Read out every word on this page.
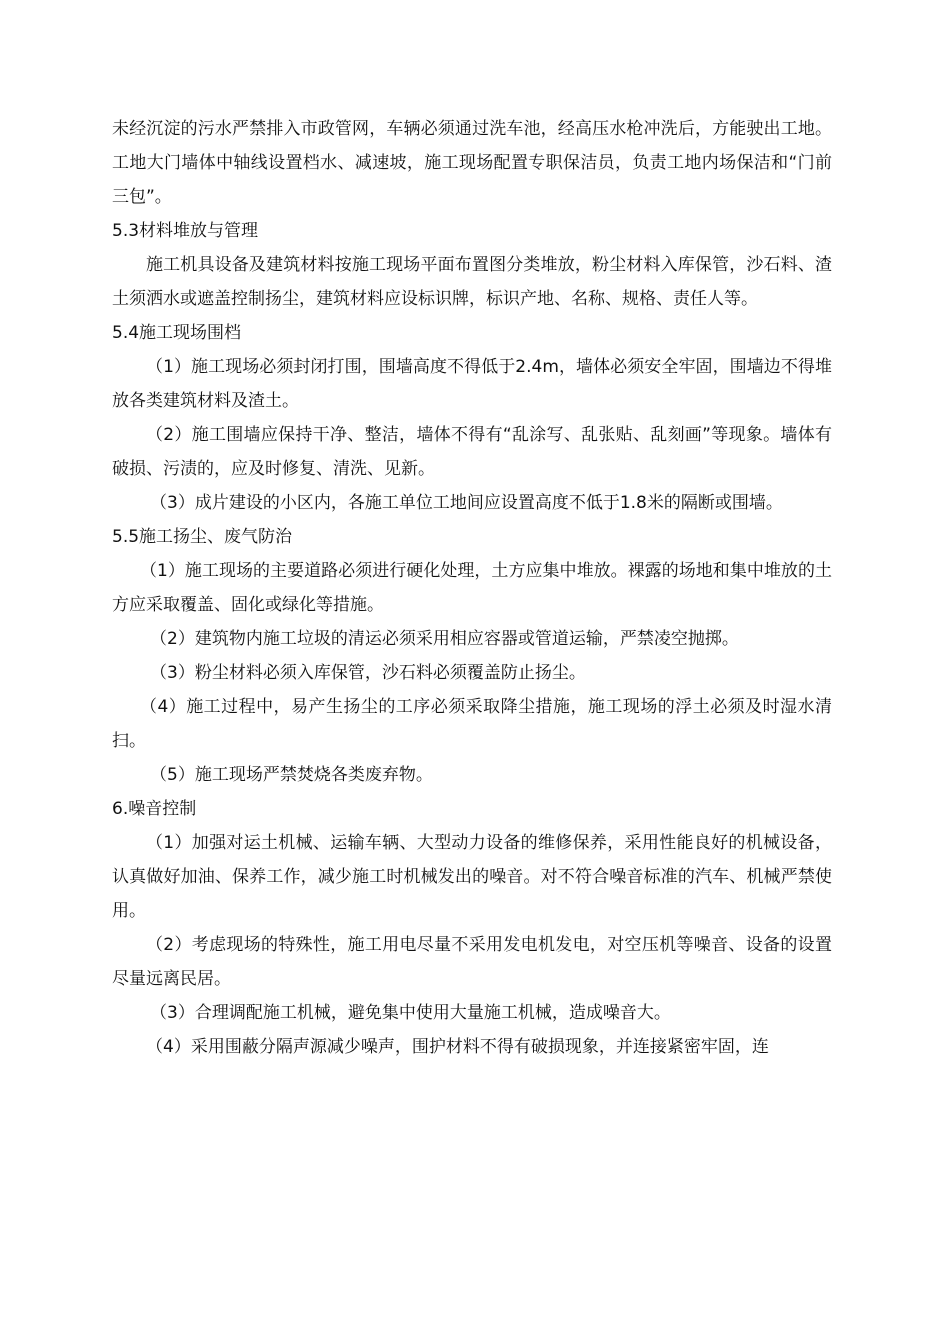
未经沉淀的污水严禁排入市政管网，车辆必须通过洗车池，经高压水枪冲洗后，方能驶出工地。工地大门墙体中轴线设置档水、减速坡，施工现场配置专职保洁员，负责工地内场保洁和“门前三包”。

5.3材料堆放与管理

施工机具设备及建筑材料按施工现场平面布置图分类堆放，粉尘材料入库保管，沙石料、渣土须洒水或遮盖控制扬尘，建筑材料应设标识牌，标识产地、名称、规格、责任人等。

5.4施工现场围档

（1）施工现场必须封闭打围，围墙高度不得低于2.4m，墙体必须安全牢固，围墙边不得堆放各类建筑材料及渣土。

（2）施工围墙应保持干净、整洁，墙体不得有“乱涂写、乱张贴、乱刻画”等现象。墙体有破损、污渍的，应及时修复、清洗、见新。

（3）成片建设的小区内，各施工单位工地间应设置高度不低于1.8米的隔断或围墙。

5.5施工扬尘、废气防治

（1）施工现场的主要道路必须进行硬化处理，土方应集中堆放。裸露的场地和集中堆放的土方应采取覆盖、固化或绿化等措施。

（2）建筑物内施工垃圾的清运必须采用相应容器或管道运输，严禁凌空抛掷。

（3）粉尘材料必须入库保管，沙石料必须覆盖防止扬尘。

（4）施工过程中，易产生扬尘的工序必须采取降尘措施，施工现场的浮土必须及时湿水清扫。

（5）施工现场严禁焚烧各类废弃物。

6.噪音控制

（1）加强对运土机械、运输车辆、大型动力设备的维修保养，采用性能良好的机械设备，认真做好加油、保养工作，减少施工时机械发出的噪音。对不符合噪音标准的汽车、机械严禁使用。

（2）考虑现场的特殊性，施工用电尽量不采用发电机发电，对空压机等噪音、设备的设置尽量远离民居。

（3）合理调配施工机械，避免集中使用大量施工机械，造成噪音大。

（4）采用围蔽分隔声源减少噪声，围护材料不得有破损现象，并连接紧密牢固，连
